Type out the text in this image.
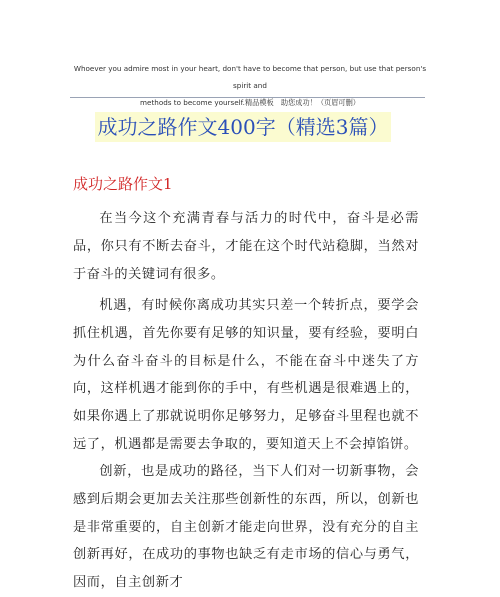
Whoever you admire most in your heart, don't have to become that person, but use that person's spirit and
methods to become yourself.精品模板　助您成功！（页眉可删）
成功之路作文400字（精选3篇）
成功之路作文1
在当今这个充满青春与活力的时代中，奋斗是必需品，你只有不断去奋斗，才能在这个时代站稳脚，当然对于奋斗的关键词有很多。
机遇，有时候你离成功其实只差一个转折点，要学会抓住机遇，首先你要有足够的知识量，要有经验，要明白为什么奋斗奋斗的目标是什么，不能在奋斗中迷失了方向，这样机遇才能到你的手中，有些机遇是很难遇上的，如果你遇上了那就说明你足够努力，足够奋斗里程也就不远了，机遇都是需要去争取的，要知道天上不会掉馅饼。
创新，也是成功的路径，当下人们对一切新事物，会感到后期会更加去关注那些创新性的东西，所以，创新也是非常重要的，自主创新才能走向世界，没有充分的自主创新再好，在成功的事物也缺乏有走市场的信心与勇气，因而，自主创新才
